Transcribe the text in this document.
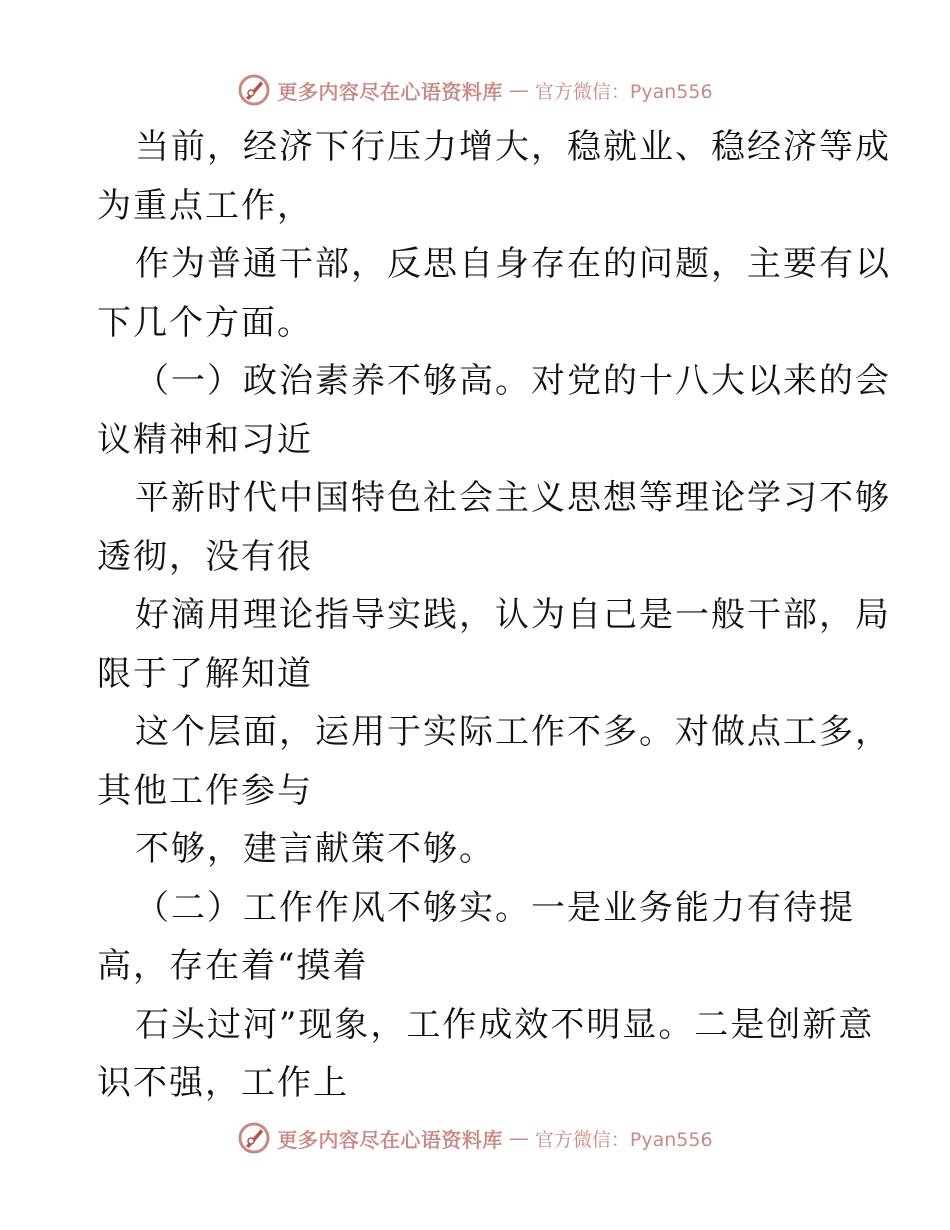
更多内容尽在心语资料库 — 官方微信：Pyan556
当前，经济下行压力增大，稳就业、稳经济等成
为重点工作，
作为普通干部，反思自身存在的问题，主要有以
下几个方面。
（一）政治素养不够高。对党的十八大以来的会
议精神和习近
平新时代中国特色社会主义思想等理论学习不够
透彻，没有很
好滴用理论指导实践，认为自己是一般干部，局
限于了解知道
这个层面，运用于实际工作不多。对做点工多，
其他工作参与
不够，建言献策不够。
（二）工作作风不够实。一是业务能力有待提
高，存在着“摸着
石头过河”现象，工作成效不明显。二是创新意
识不强，工作上
更多内容尽在心语资料库 — 官方微信：Pyan556
